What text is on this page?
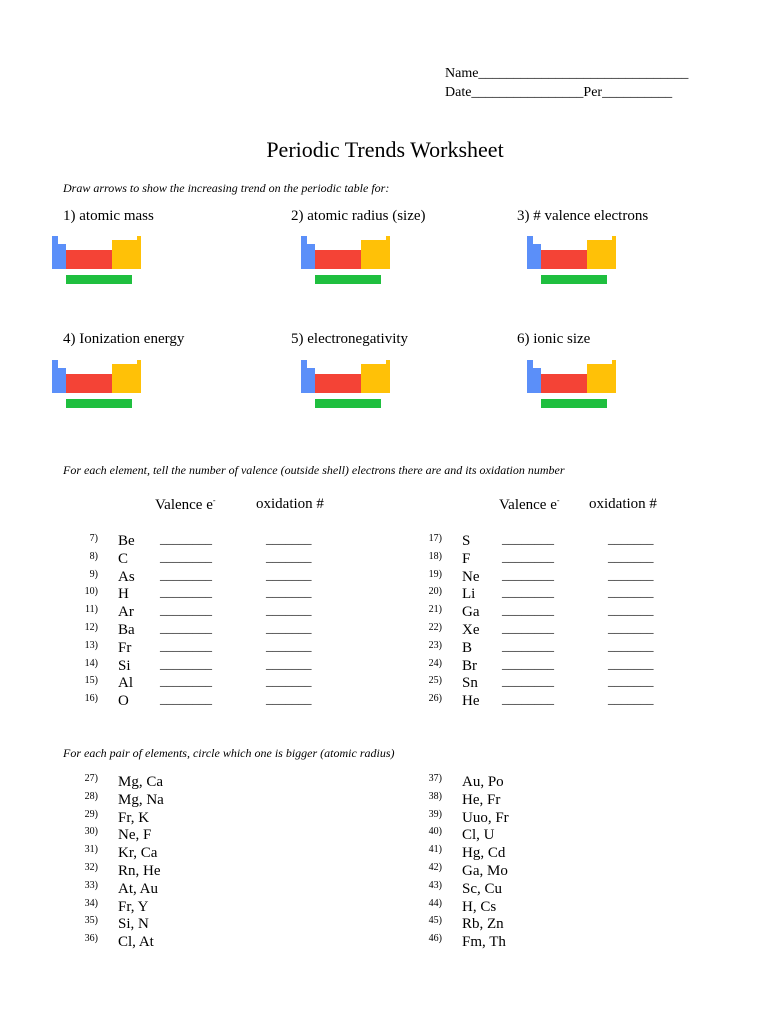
Name______________________________
Date________________Per__________
Periodic Trends Worksheet
Draw arrows to show the increasing trend on the periodic table for:
1) atomic mass	2) atomic radius (size)	3) # valence electrons
4) Ionization energy	5) electronegativity	6) ionic size
For each element, tell the number of valence (outside shell) electrons there are and its oxidation number
Valence e-	oxidation #	Valence e- oxidation #
7) Be ________	_______
8) C ________	_______
9) As ________	_______
10) H ________	_______
11) Ar ________	_______
12) Ba ________	_______
13) Fr ________	_______
14) Si ________	_______
15) Al ________	_______
16) O ________	_______
17) S ________	_______
18) F ________	_______
19) Ne ________	_______
20) Li ________	_______
21) Ga ________	_______
22) Xe ________	_______
23) B ________	_______
24) Br ________	_______
25) Sn ________	_______
26) He ________	_______
For each pair of elements, circle which one is bigger (atomic radius)
27) Mg, Ca
28) Mg, Na
29) Fr, K
30) Ne, F
31) Kr, Ca
32) Rn, He
33) At, Au
34) Fr, Y
35) Si, N
36) Cl, At
37) Au, Po
38) He, Fr
39) Uuo, Fr
40) Cl, U
41) Hg, Cd
42) Ga, Mo
43) Sc, Cu
44) H, Cs
45) Rb, Zn
46) Fm, Th
